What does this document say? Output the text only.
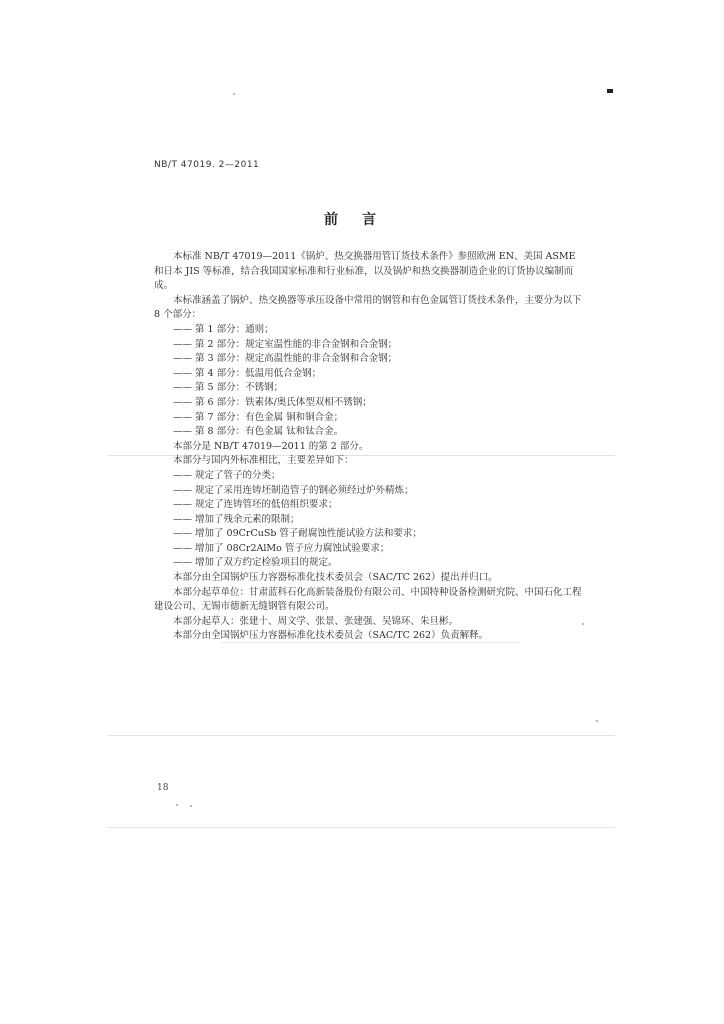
NB/T 47019. 2—2011
前言

本标准 NB/T 47019—2011《锅炉、热交换器用管订货技术条件》参照欧洲 EN、美国 ASME 和日本 JIS 等标准，结合我国国家标准和行业标准，以及锅炉和热交换器制造企业的订货协议编制而成。

本标准涵盖了锅炉、热交换器等承压设备中常用的钢管和有色金属管订货技术条件，主要分为以下 8 个部分：

—— 第 1 部分：通则；

—— 第 2 部分：规定室温性能的非合金钢和合金钢；

—— 第 3 部分：规定高温性能的非合金钢和合金钢；

—— 第 4 部分：低温用低合金钢；

—— 第 5 部分：不锈钢；

—— 第 6 部分：铁素体/奥氏体型双相不锈钢；

—— 第 7 部分：有色金属 铜和铜合金；

—— 第 8 部分：有色金属 钛和钛合金。

本部分是 NB/T 47019—2011 的第 2 部分。

本部分与国内外标准相比，主要差异如下：

—— 规定了管子的分类；

—— 规定了采用连铸坯制造管子的钢必须经过炉外精炼；

—— 规定了连铸管坯的低倍组织要求；

—— 增加了残余元素的限制；

—— 增加了 09CrCuSb 管子耐腐蚀性能试验方法和要求；

—— 增加了 08Cr2AlMo 管子应力腐蚀试验要求；

—— 增加了双方约定检验项目的规定。

本部分由全国锅炉压力容器标准化技术委员会（SAC/TC 262）提出并归口。

本部分起草单位：甘肃蓝科石化高新装备股份有限公司、中国特种设备检测研究院、中国石化工程建设公司、无锡市德新无缝钢管有限公司。

本部分起草人：张建十、周文学、张景、张建强、吴锦环、朱旦彬。

本部分由全国锅炉压力容器标准化技术委员会（SAC/TC 262）负责解释。

18
